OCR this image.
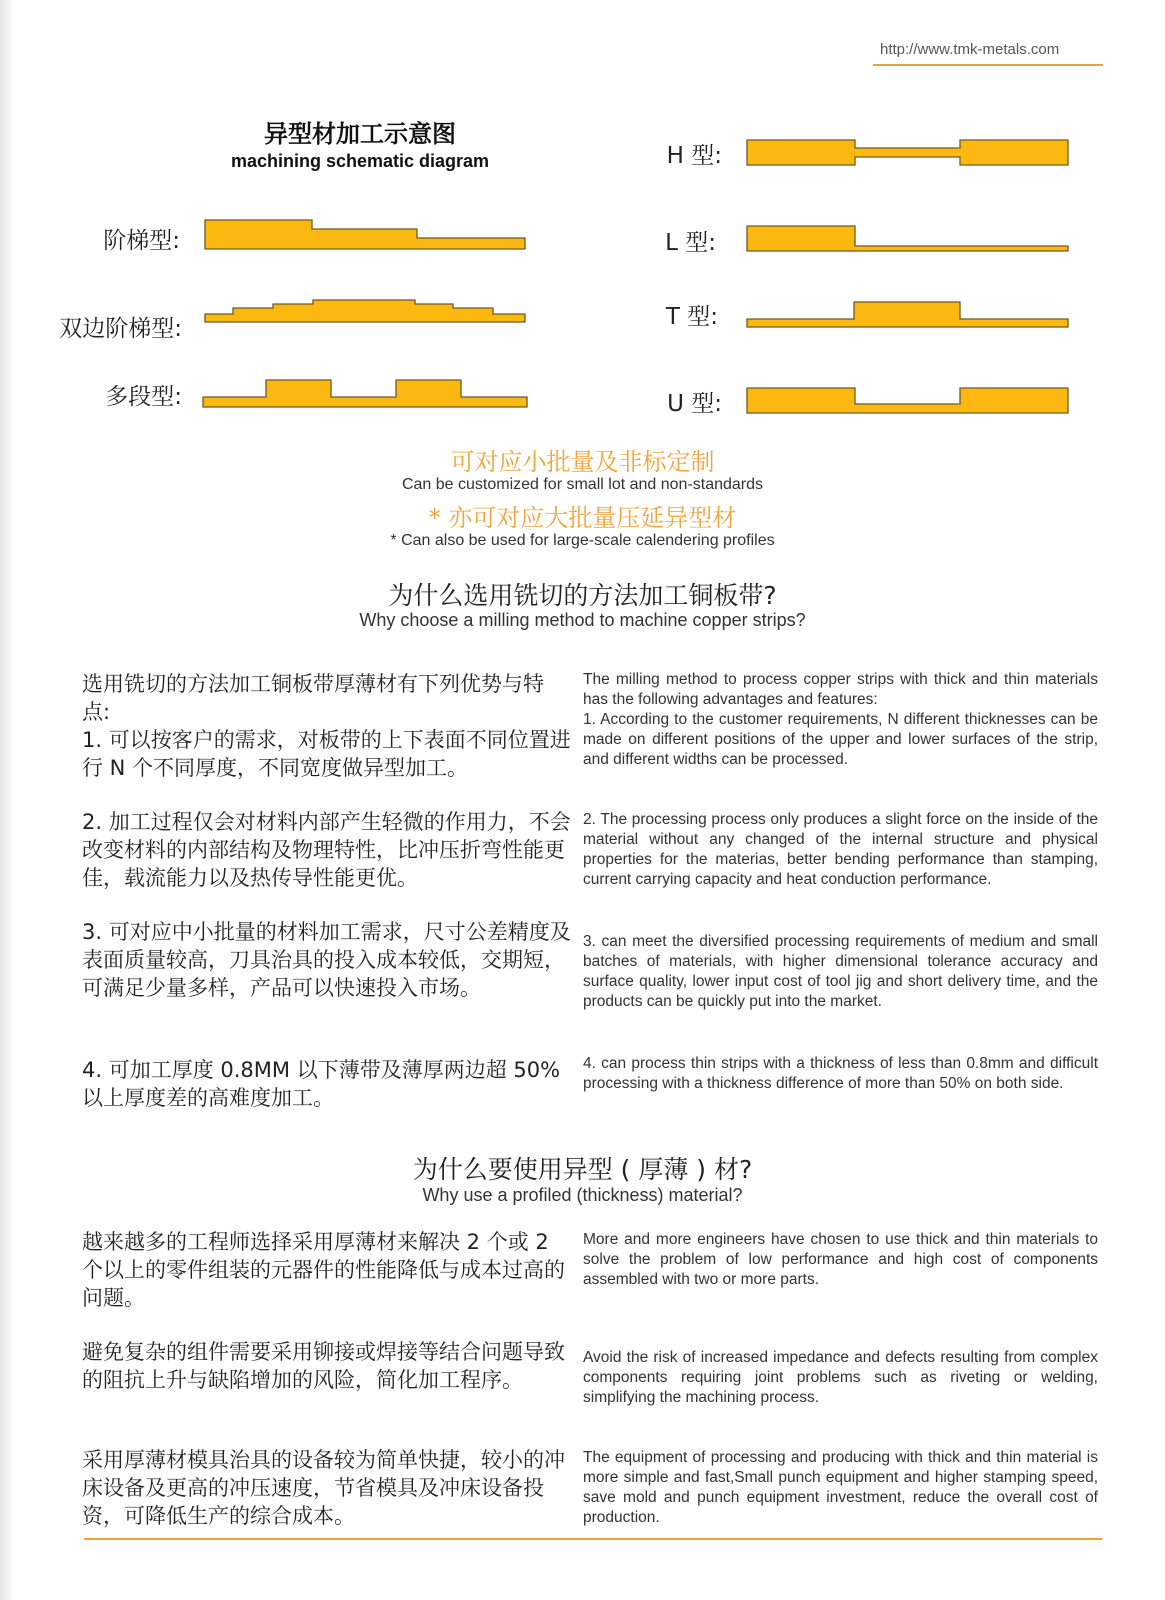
http://www.tmk-metals.com
异型材加工示意图
machining schematic diagram
阶梯型:
双边阶梯型:
多段型:
H 型:
L 型:
T 型:
U 型:
可对应小批量及非标定制
Can be customized for small lot and non-standards
* 亦可对应大批量压延异型材
* Can also be used for large-scale calendering profiles
为什么选用铣切的方法加工铜板带?
Why choose a milling method to machine copper strips?
选用铣切的方法加工铜板带厚薄材有下列优势与特点:
1. 可以按客户的需求，对板带的上下表面不同位置进行 N 个不同厚度，不同宽度做异型加工。
The milling method to process copper strips with thick and thin materials has the following advantages and features:
1. According to the customer requirements, N different thicknesses can be made on different positions of the upper and lower surfaces of the strip, and different widths can be processed.
2. 加工过程仅会对材料内部产生轻微的作用力，不会改变材料的内部结构及物理特性，比冲压折弯性能更佳，载流能力以及热传导性能更优。
2. The processing process only produces a slight force on the inside of the material without any changed of the internal structure and physical properties for the materias, better bending performance than stamping, current carrying capacity and heat conduction performance.
3. 可对应中小批量的材料加工需求，尺寸公差精度及表面质量较高，刀具治具的投入成本较低，交期短，可满足少量多样，产品可以快速投入市场。
3. can meet the diversified processing requirements of medium and small batches of materials, with higher dimensional tolerance accuracy and surface quality, lower input cost of tool jig and short delivery time, and the products can be quickly put into the market.
4. 可加工厚度 0.8MM 以下薄带及薄厚两边超 50% 以上厚度差的高难度加工。
4. can process thin strips with a thickness of less than 0.8mm and difficult processing with a thickness difference of more than 50% on both side.
为什么要使用异型 ( 厚薄 ) 材?
Why use a profiled (thickness) material?
越来越多的工程师选择采用厚薄材来解决 2 个或 2 个以上的零件组装的元器件的性能降低与成本过高的问题。
More and more engineers have chosen to use thick and thin materials to solve the problem of low performance and high cost of components assembled with two or more parts.
避免复杂的组件需要采用铆接或焊接等结合问题导致的阻抗上升与缺陷增加的风险，简化加工程序。
Avoid the risk of increased impedance and defects resulting from complex components requiring joint problems such as riveting or welding, simplifying the machining process.
采用厚薄材模具治具的设备较为简单快捷，较小的冲床设备及更高的冲压速度，节省模具及冲床设备投资，可降低生产的综合成本。
The equipment of processing and producing with thick and thin material is more simple and fast,Small punch equipment and higher stamping speed, save mold and punch equipment investment, reduce the overall cost of production.
